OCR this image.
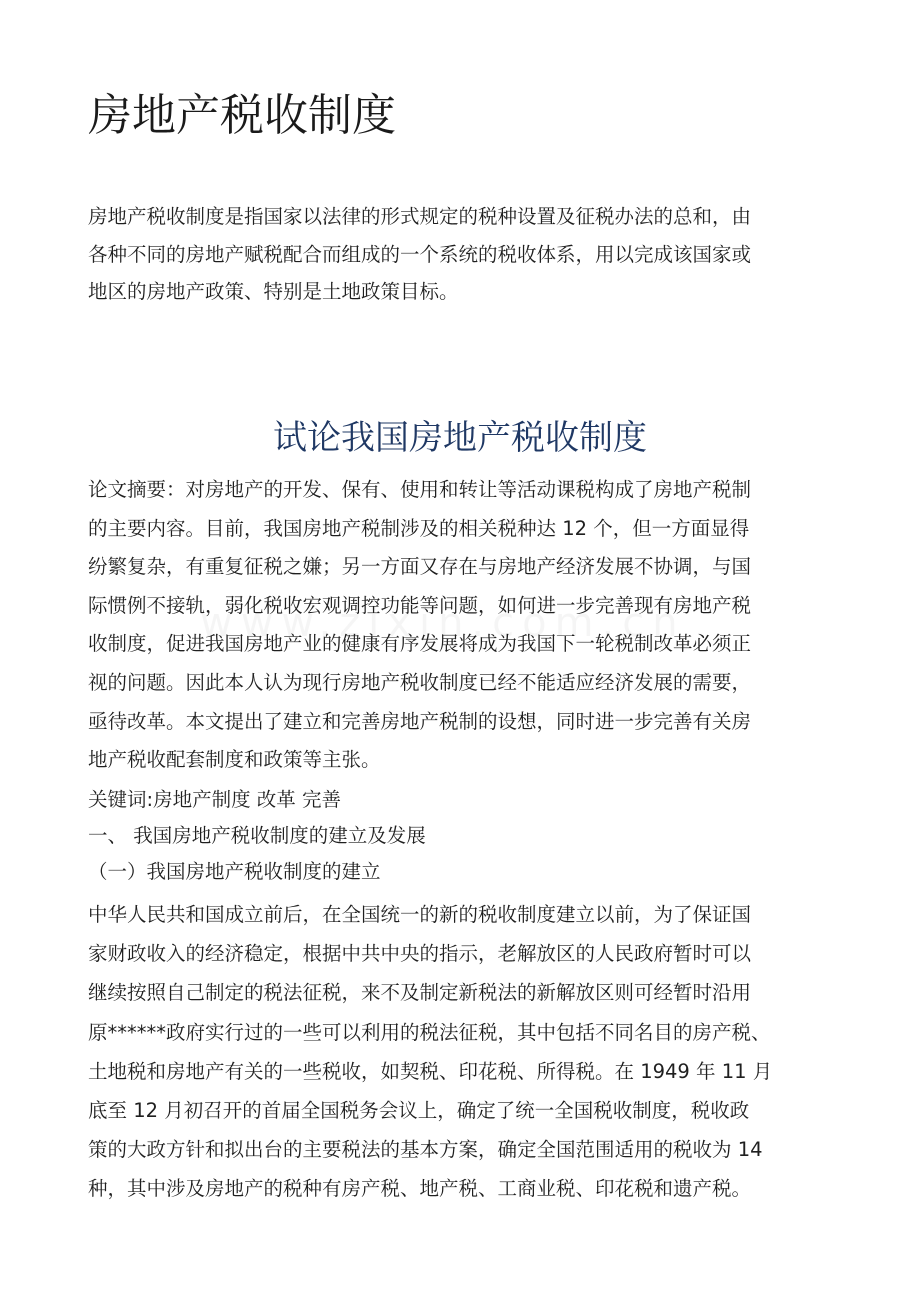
房地产税收制度
房地产税收制度是指国家以法律的形式规定的税种设置及征税办法的总和，由
各种不同的房地产赋税配合而组成的一个系统的税收体系，用以完成该国家或
地区的房地产政策、特别是土地政策目标。
试论我国房地产税收制度
论文摘要：对房地产的开发、保有、使用和转让等活动课税构成了房地产税制
的主要内容。目前，我国房地产税制涉及的相关税种达 12 个，但一方面显得
纷繁复杂，有重复征税之嫌；另一方面又存在与房地产经济发展不协调，与国
际惯例不接轨，弱化税收宏观调控功能等问题，如何进一步完善现有房地产税
收制度，促进我国房地产业的健康有序发展将成为我国下一轮税制改革必须正
视的问题。因此本人认为现行房地产税收制度已经不能适应经济发展的需要，
亟待改革。本文提出了建立和完善房地产税制的设想，同时进一步完善有关房
地产税收配套制度和政策等主张。
关键词:房地产制度 改革 完善
一、 我国房地产税收制度的建立及发展
（一）我国房地产税收制度的建立
中华人民共和国成立前后，在全国统一的新的税收制度建立以前，为了保证国
家财政收入的经济稳定，根据中共中央的指示，老解放区的人民政府暂时可以
继续按照自己制定的税法征税，来不及制定新税法的新解放区则可经暂时沿用
原******政府实行过的一些可以利用的税法征税，其中包括不同名目的房产税、
土地税和房地产有关的一些税收，如契税、印花税、所得税。在 1949 年 11 月
底至 12 月初召开的首届全国税务会议上，确定了统一全国税收制度，税收政
策的大政方针和拟出台的主要税法的基本方案，确定全国范围适用的税收为 14
种，其中涉及房地产的税种有房产税、地产税、工商业税、印花税和遗产税。
